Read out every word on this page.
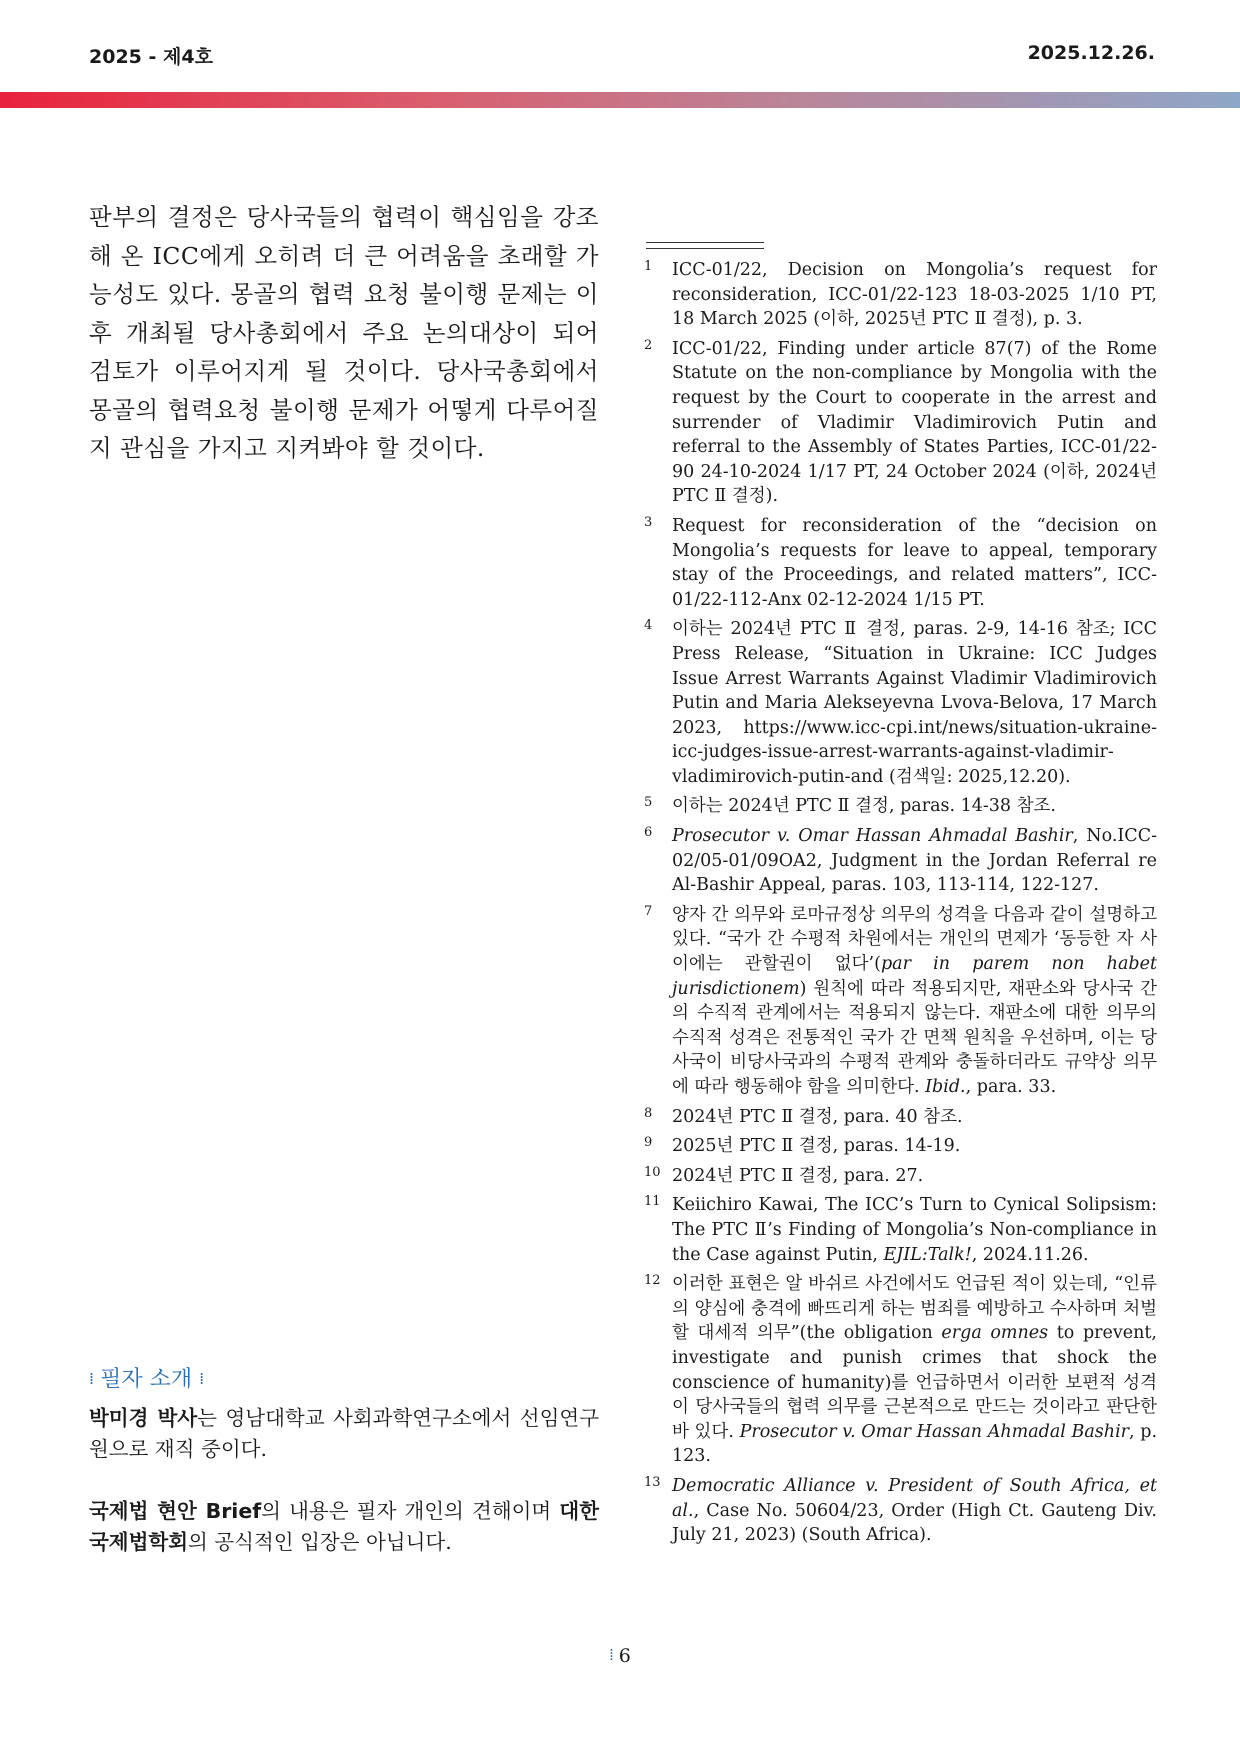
2025 - 제4호	2025.12.26.

판부의 결정은 당사국들의 협력이 핵심임을 강조해 온 ICC에게 오히려 더 큰 어려움을 초래할 가능성도 있다. 몽골의 협력 요청 불이행 문제는 이후 개최될 당사총회에서 주요 논의대상이 되어 검토가 이루어지게 될 것이다. 당사국총회에서 몽골의 협력요청 불이행 문제가 어떻게 다루어질지 관심을 가지고 지켜봐야 할 것이다.

⁞ 필자 소개 ⁞

박미경 박사는 영남대학교 사회과학연구소에서 선임연구원으로 재직 중이다.

국제법 현안 Brief의 내용은 필자 개인의 견해이며 대한국제법학회의 공식적인 입장은 아닙니다.

1 ICC-01/22, Decision on Mongolia’s request for reconsideration, ICC-01/22-123 18-03-2025 1/10 PT, 18 March 2025 (이하, 2025년 PTC Ⅱ 결정), p. 3.
2 ICC-01/22, Finding under article 87(7) of the Rome Statute on the non-compliance by Mongolia with the request by the Court to cooperate in the arrest and surrender of Vladimir Vladimirovich Putin and referral to the Assembly of States Parties, ICC-01/22-90 24-10-2024 1/17 PT, 24 October 2024 (이하, 2024년 PTC Ⅱ 결정).
3 Request for reconsideration of the “decision on Mongolia’s requests for leave to appeal, temporary stay of the Proceedings, and related matters”, ICC-01/22-112-Anx 02-12-2024 1/15 PT.
4 이하는 2024년 PTC Ⅱ 결정, paras. 2-9, 14-16 참조; ICC Press Release, “Situation in Ukraine: ICC Judges Issue Arrest Warrants Against Vladimir Vladimirovich Putin and Maria Alekseyevna Lvova-Belova, 17 March 2023, https://www.icc-cpi.int/news/situation-ukraine-icc-judges-issue-arrest-warrants-against-vladimir-vladimirovich-putin-and (검색일: 2025,12.20).
5 이하는 2024년 PTC Ⅱ 결정, paras. 14-38 참조.
6 Prosecutor v. Omar Hassan Ahmadal Bashir, No.ICC-02/05-01/09OA2, Judgment in the Jordan Referral re Al-Bashir Appeal, paras. 103, 113-114, 122-127.
7 양자 간 의무와 로마규정상 의무의 성격을 다음과 같이 설명하고 있다. “국가 간 수평적 차원에서는 개인의 면제가 ‘동등한 자 사이에는 관할권이 없다’(par in parem non habet jurisdictionem) 원칙에 따라 적용되지만, 재판소와 당사국 간의 수직적 관계에서는 적용되지 않는다. 재판소에 대한 의무의 수직적 성격은 전통적인 국가 간 면책 원칙을 우선하며, 이는 당사국이 비당사국과의 수평적 관계와 충돌하더라도 규약상 의무에 따라 행동해야 함을 의미한다. Ibid., para. 33.
8 2024년 PTC Ⅱ 결정, para. 40 참조.
9 2025년 PTC Ⅱ 결정, paras. 14-19.
10 2024년 PTC Ⅱ 결정, para. 27.
11 Keiichiro Kawai, The ICC’s Turn to Cynical Solipsism: The PTC Ⅱ’s Finding of Mongolia’s Non-compliance in the Case against Putin, EJIL:Talk!, 2024.11.26.
12 이러한 표현은 알 바쉬르 사건에서도 언급된 적이 있는데, “인류의 양심에 충격에 빠뜨리게 하는 범죄를 예방하고 수사하며 처벌할 대세적 의무”(the obligation erga omnes to prevent, investigate and punish crimes that shock the conscience of humanity)를 언급하면서 이러한 보편적 성격이 당사국들의 협력 의무를 근본적으로 만드는 것이라고 판단한 바 있다. Prosecutor v. Omar Hassan Ahmadal Bashir, p. 123.
13 Democratic Alliance v. President of South Africa, et al., Case No. 50604/23, Order (High Ct. Gauteng Div. July 21, 2023) (South Africa).
⁞ 6
